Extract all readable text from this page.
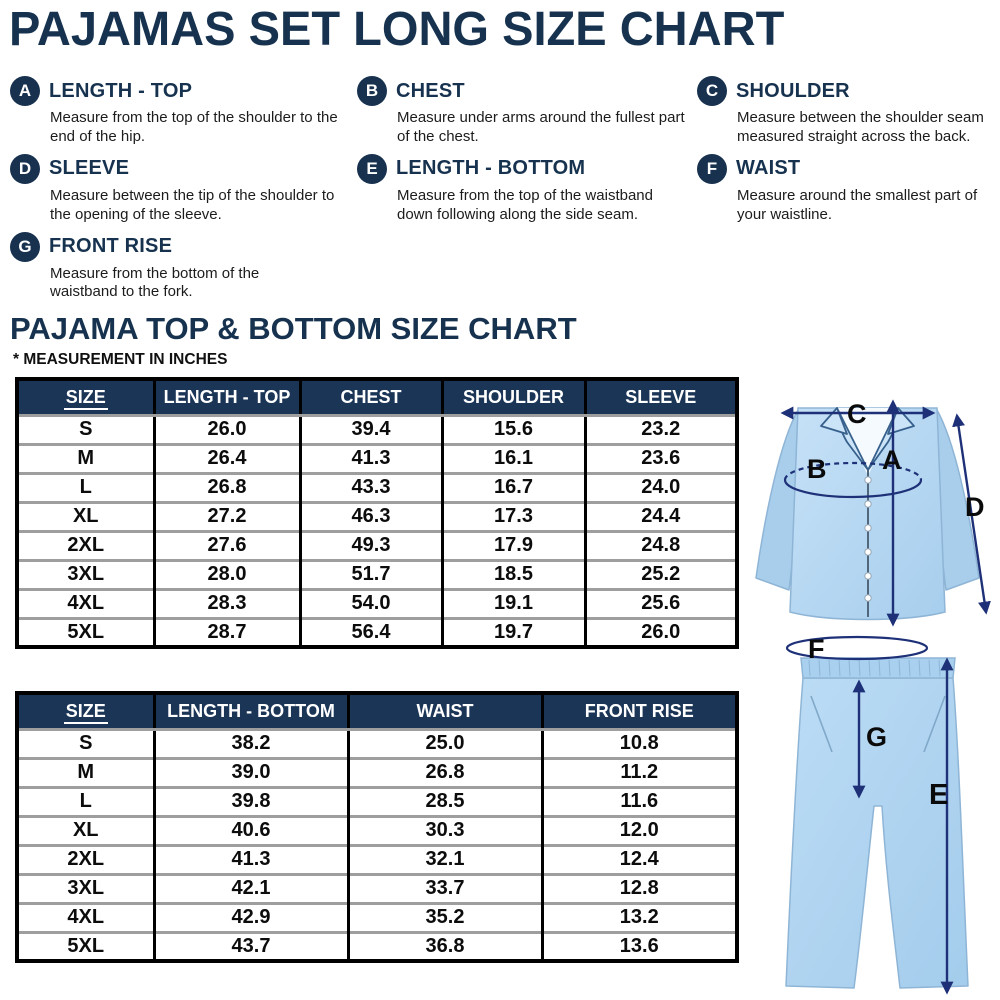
PAJAMAS SET LONG SIZE CHART
A LENGTH - TOP

Measure from the top of the shoulder to the end of the hip.

B CHEST

Measure under arms around the fullest part of the chest.

C SHOULDER

Measure between the shoulder seam measured straight across the back.

D SLEEVE

Measure between the tip of the shoulder to the opening of the sleeve.

E LENGTH - BOTTOM

Measure from the top of the waistband down following along the side seam.

F WAIST

Measure around the smallest part of your waistline.

G FRONT RISE

Measure from the bottom of the waistband to the fork.

PAJAMA TOP & BOTTOM SIZE CHART
* MEASUREMENT IN INCHES
SIZE	LENGTH - TOP	CHEST	SHOULDER	SLEEVE
S	26.0	39.4	15.6	23.2
M	26.4	41.3	16.1	23.6
L	26.8	43.3	16.7	24.0
XL	27.2	46.3	17.3	24.4
2XL	27.6	49.3	17.9	24.8
3XL	28.0	51.7	18.5	25.2
4XL	28.3	54.0	19.1	25.6
5XL	28.7	56.4	19.7	26.0
SIZE	LENGTH - BOTTOM	WAIST	FRONT RISE
S	38.2	25.0	10.8
M	39.0	26.8	11.2
L	39.8	28.5	11.6
XL	40.6	30.3	12.0
2XL	41.3	32.1	12.4
3XL	42.1	33.7	12.8
4XL	42.9	35.2	13.2
5XL	43.7	36.8	13.6
C
B A
D
F
G
E
